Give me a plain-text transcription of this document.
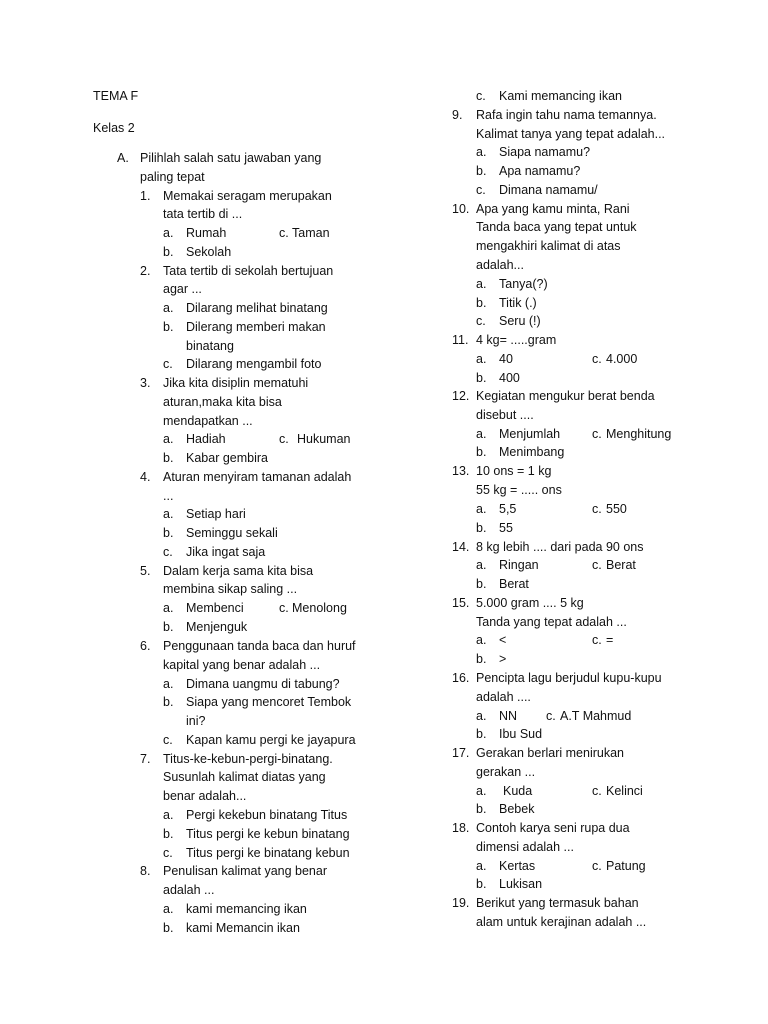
TEMA F
Kelas 2
A. Pilihlah salah satu jawaban yang
paling tepat
1. Memakai seragam merupakan
tata tertib di ...
a. Rumah	c. Taman
b. Sekolah
2. Tata tertib di sekolah bertujuan
agar ...
a. Dilarang melihat binatang
b. Dilerang memberi makan
binatang
c. Dilarang mengambil foto
3. Jika kita disiplin mematuhi
aturan,maka kita bisa
mendapatkan ...
a. Hadiah	c. Hukuman
b. Kabar gembira
4. Aturan menyiram tamanan adalah
...
a. Setiap hari
b. Seminggu sekali
c. Jika ingat saja
5. Dalam kerja sama kita bisa
membina sikap saling ...
a. Membenci	c. Menolong
b. Menjenguk
6. Penggunaan tanda baca dan huruf
kapital yang benar adalah ...
a. Dimana uangmu di tabung?
b. Siapa yang mencoret Tembok
ini?
c. Kapan kamu pergi ke jayapura
7. Titus-ke-kebun-pergi-binatang.
Susunlah kalimat diatas yang
benar adalah...
a. Pergi kekebun binatang Titus
b. Titus pergi ke kebun binatang
c. Titus pergi ke binatang kebun
8. Penulisan kalimat yang benar
adalah ...
a. kami memancing ikan
b. kami Memancin ikan
c. Kami memancing ikan
9. Rafa ingin tahu nama temannya.
Kalimat tanya yang tepat adalah...
a. Siapa namamu?
b. Apa namamu?
c. Dimana namamu/
10. Apa yang kamu minta, Rani
Tanda baca yang tepat untuk
mengakhiri kalimat di atas
adalah...
a. Tanya(?)
b. Titik (.)
c. Seru (!)
11. 4 kg= .....gram
a. 40	c. 4.000
b. 400
12. Kegiatan mengukur berat benda
disebut ....
a. Menjumlah	c. Menghitung
b. Menimbang
13. 10 ons = 1 kg
55 kg = ..... ons
a. 5,5	c. 550
b. 55
14. 8 kg lebih .... dari pada 90 ons
a. Ringan	c. Berat
b. Berat
15. 5.000 gram .... 5 kg
Tanda yang tepat adalah ...
a. <	c. =
b. >
16. Pencipta lagu berjudul kupu-kupu
adalah ....
a. NN c. A.T Mahmud
b. Ibu Sud
17. Gerakan berlari menirukan
gerakan ...
a. Kuda	c. Kelinci
b. Bebek
18. Contoh karya seni rupa dua
dimensi adalah ...
a. Kertas	c. Patung
b. Lukisan
19. Berikut yang termasuk bahan
alam untuk kerajinan adalah ...
